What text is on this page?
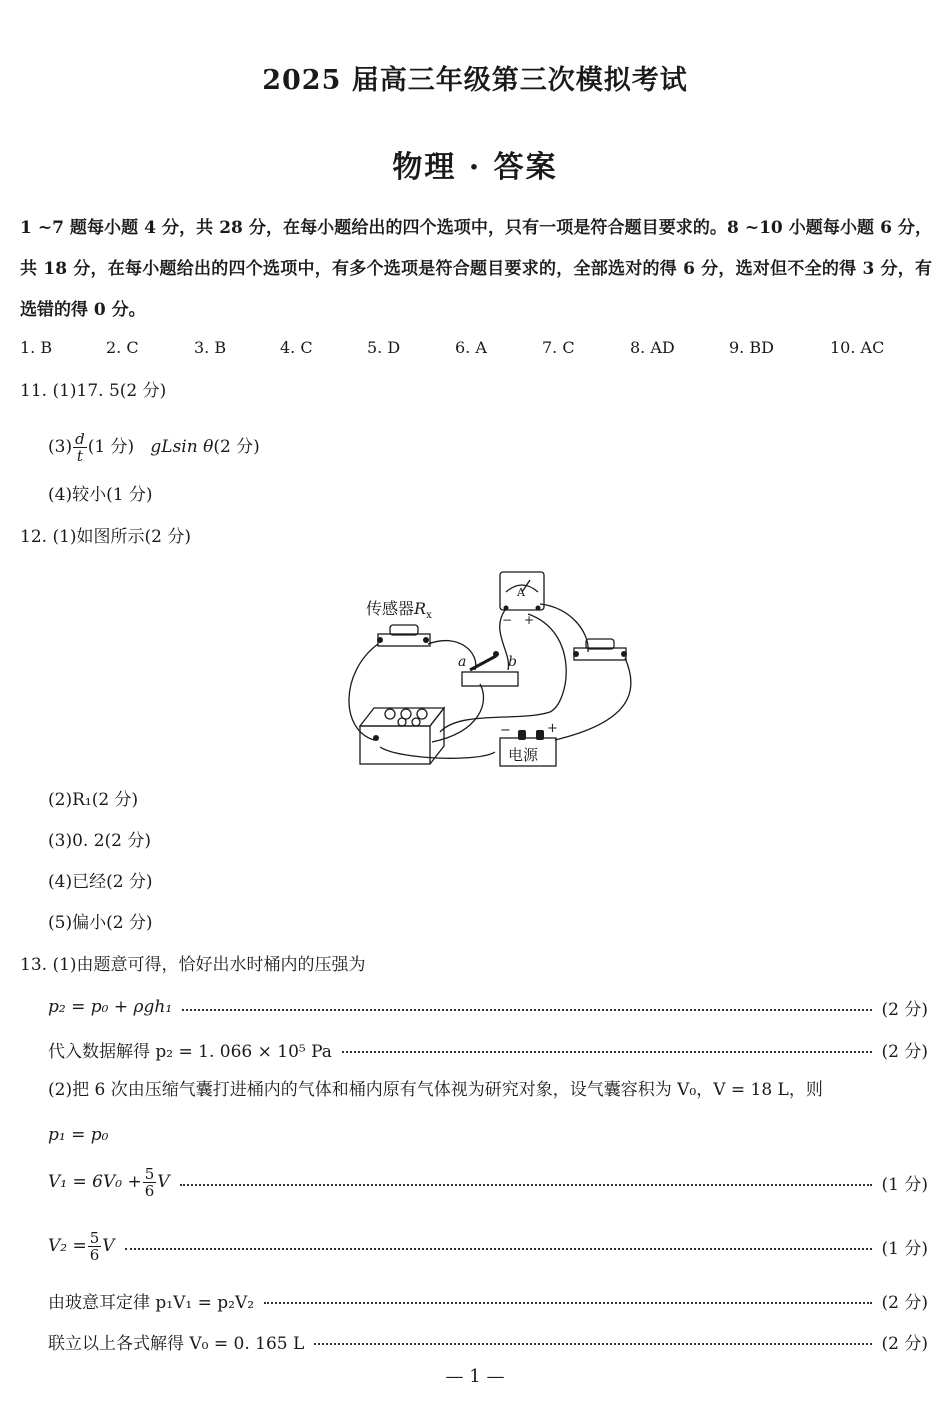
2025 届高三年级第三次模拟考试
物理 · 答案
1 ~7 题每小题 4 分，共 28 分，在每小题给出的四个选项中，只有一项是符合题目要求的。8 ~10 小题每小题 6 分，共 18 分，在每小题给出的四个选项中，有多个选项是符合题目要求的，全部选对的得 6 分，选对但不全的得 3 分，有选错的得 0 分。
1. B	2. C	3. B	4. C	5. D	6. A	7. C	8. AD	9. BD	10. AC
11. (1)17. 5(2 分)
$(3) \frac{d}{t} (1$ 分) gLsin θ(2 分)
(4)较小(1 分)
12. (1)如图所示(2 分)
传感器$R_x$
A
− +
a	b
电源
−	+
(2)R₁(2 分)
(3)0. 2(2 分)
(4)已经(2 分)
(5)偏小(2 分)
13. (1)由题意可得，恰好出水时桶内的压强为
p₂ = p₀ + ρgh₁	(2 分)
代入数据解得 p₂ = 1. 066 × 10⁵ Pa	(2 分)
(2)把 6 次由压缩气囊打进桶内的气体和桶内原有气体视为研究对象，设气囊容积为 V₀，V = 18 L，则
p₁ = p₀
$V_1 = 6V_0 + \frac{5}{6}$ V	(1 分)
$V_2 = \frac{5}{6}$ V	(1 分)
由玻意耳定律 p₁V₁ = p₂V₂	(2 分)
联立以上各式解得 V₀ = 0. 165 L	(2 分)
— 1 —
